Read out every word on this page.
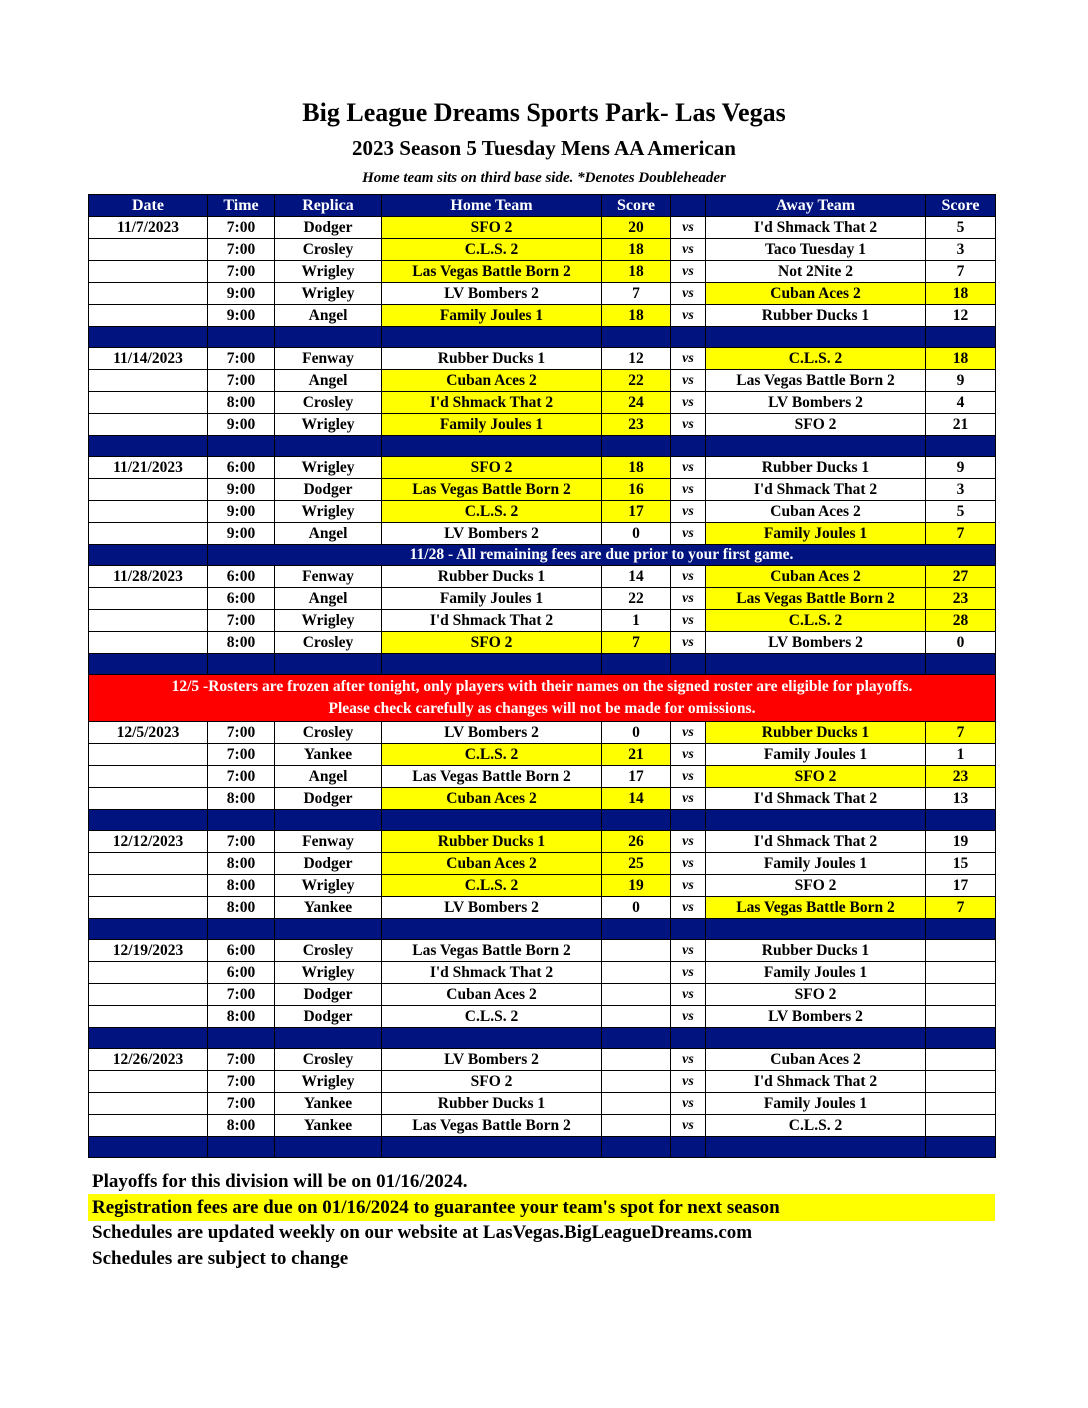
Big League Dreams Sports Park- Las Vegas
2023 Season 5 Tuesday Mens AA American
Home team sits on third base side. *Denotes Doubleheader
Date	Time	Replica	Home Team	Score		Away Team	Score
11/7/2023	7:00	Dodger	SFO 2	20	vs	I'd Shmack That 2	5
	7:00	Crosley	C.L.S. 2	18	vs	Taco Tuesday 1	3
	7:00	Wrigley	Las Vegas Battle Born 2	18	vs	Not 2Nite 2	7
	9:00	Wrigley	LV Bombers 2	7	vs	Cuban Aces 2	18
	9:00	Angel	Family Joules 1	18	vs	Rubber Ducks 1	12

11/14/2023	7:00	Fenway	Rubber Ducks 1	12	vs	C.L.S. 2	18
	7:00	Angel	Cuban Aces 2	22	vs	Las Vegas Battle Born 2	9
	8:00	Crosley	I'd Shmack That 2	24	vs	LV Bombers 2	4
	9:00	Wrigley	Family Joules 1	23	vs	SFO 2	21

11/21/2023	6:00	Wrigley	SFO 2	18	vs	Rubber Ducks 1	9
	9:00	Dodger	Las Vegas Battle Born 2	16	vs	I'd Shmack That 2	3
	9:00	Wrigley	C.L.S. 2	17	vs	Cuban Aces 2	5
	9:00	Angel	LV Bombers 2	0	vs	Family Joules 1	7
	11/28 - All remaining fees are due prior to your first game.						
11/28/2023	6:00	Fenway	Rubber Ducks 1	14	vs	Cuban Aces 2	27
	6:00	Angel	Family Joules 1	22	vs	Las Vegas Battle Born 2	23
	7:00	Wrigley	I'd Shmack That 2	1	vs	C.L.S. 2	28
	8:00	Crosley	SFO 2	7	vs	LV Bombers 2	0

12/5 -Rosters are frozen after tonight, only players with their names on the signed roster are eligible for playoffs.
Please check carefully as changes will not be made for omissions.							

12/5/2023	7:00	Crosley	LV Bombers 2	0	vs	Rubber Ducks 1	7
	7:00	Yankee	C.L.S. 2	21	vs	Family Joules 1	1
	7:00	Angel	Las Vegas Battle Born 2	17	vs	SFO 2	23
	8:00	Dodger	Cuban Aces 2	14	vs	I'd Shmack That 2	13

12/12/2023	7:00	Fenway	Rubber Ducks 1	26	vs	I'd Shmack That 2	19
	8:00	Dodger	Cuban Aces 2	25	vs	Family Joules 1	15
	8:00	Wrigley	C.L.S. 2	19	vs	SFO 2	17
	8:00	Yankee	LV Bombers 2	0	vs	Las Vegas Battle Born 2	7

12/19/2023	6:00	Crosley	Las Vegas Battle Born 2		vs	Rubber Ducks 1	
	6:00	Wrigley	I'd Shmack That 2		vs	Family Joules 1	
	7:00	Dodger	Cuban Aces 2		vs	SFO 2	
	8:00	Dodger	C.L.S. 2		vs	LV Bombers 2	

12/26/2023	7:00	Crosley	LV Bombers 2		vs	Cuban Aces 2	
	7:00	Wrigley	SFO 2		vs	I'd Shmack That 2	
	7:00	Yankee	Rubber Ducks 1		vs	Family Joules 1	
	8:00	Yankee	Las Vegas Battle Born 2		vs	C.L.S. 2	

Playoffs for this division will be on 01/16/2024.
Registration fees are due on 01/16/2024 to guarantee your team's spot for next season
Schedules are updated weekly on our website at LasVegas.BigLeagueDreams.com
Schedules are subject to change
